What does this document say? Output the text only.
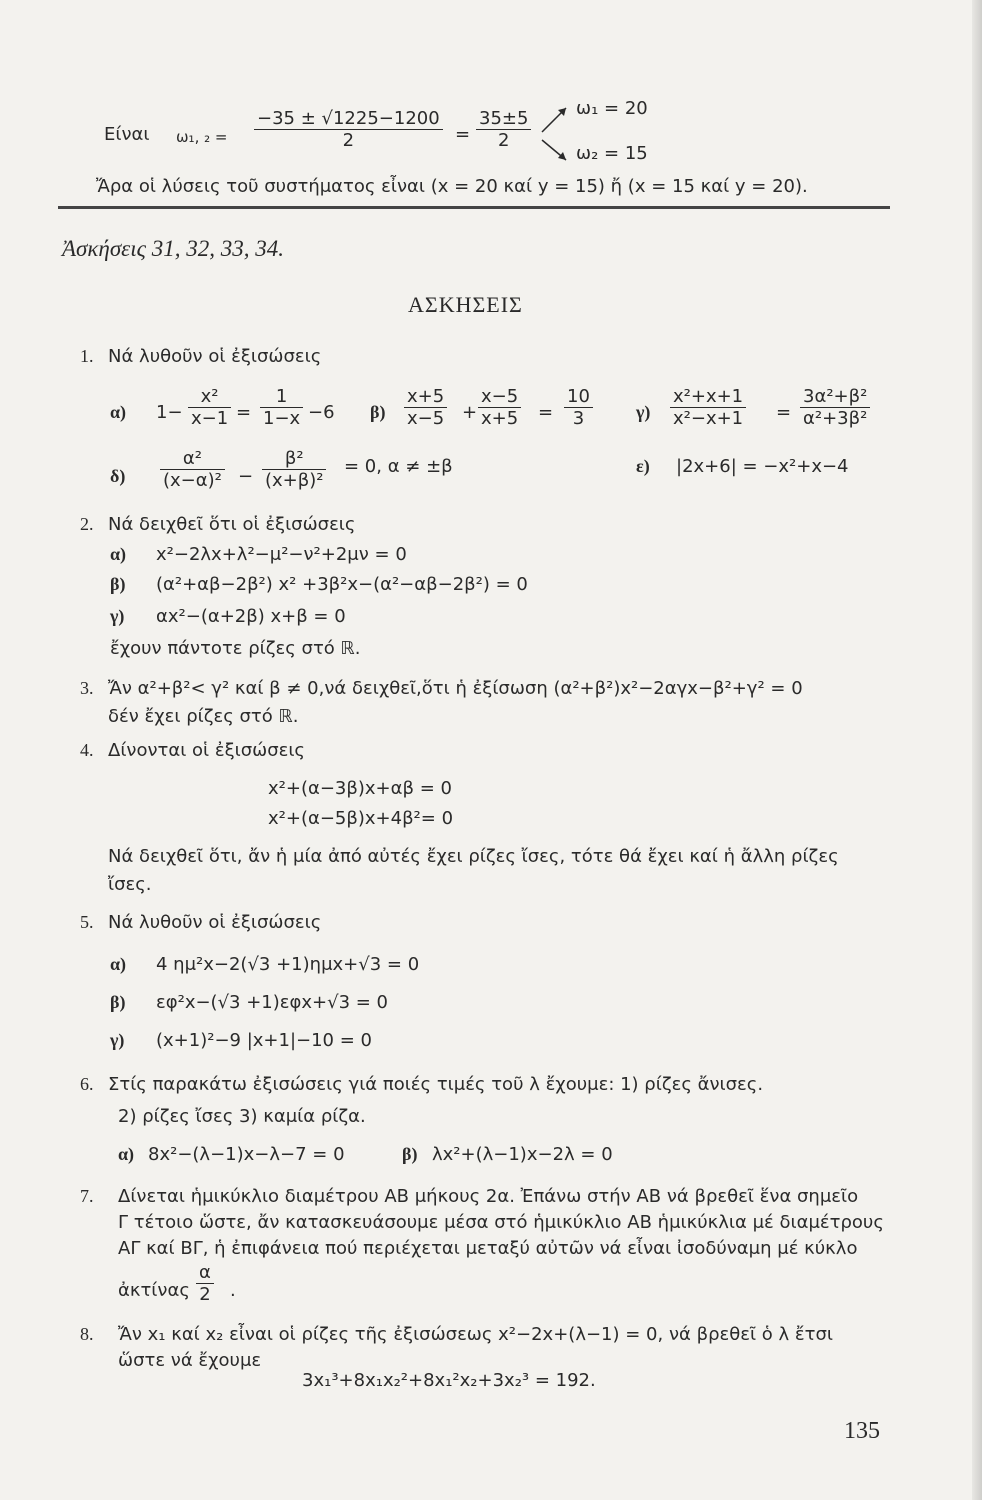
Είναι ω₁, $_2 = \frac{-35 \pm √1225-1200}{2} = \frac{35\pm 5}{2} \omega_1 = 20$
ω₂ = 15
Ἄρα οἱ λύσεις τοῦ συστήματος εἶναι (x = 20 καί y = 15) ἤ (x = 15 καί y = 20).
Ἀσκήσεις 31, 32, 33, 34.
ΑΣΚΗΣΕΙΣ
1. Νά λυθοῦν οἱ ἐξισώσεις
α) $1- \frac{\text{x²}}{x-1} = \frac{1}{1-x} -6$ $\beta) \frac{x+5}{x-5} + \frac{x-5}{x+5} = \frac{10}{3} \gamma) \frac{\text{x²+x+1}}{\text{x²−x+1}} = \frac{\text{3α²+β²}}{\text{α²+3β²}}$
$\delta) \frac{\text{α²}}{\text{(x−α)²}} - \frac{\text{β²}}{\text{(x+β)²}} = 0$, α ≠ ±β	ε) |2x+6| = −x²+x−4
2. Νά δειχθεῖ ὅτι οἱ ἐξισώσεις
α) x²−2λx+λ²−μ²−ν²+2μν = 0
β) (α²+αβ−2β²) x² +3β²x−(α²−αβ−2β²) = 0
γ) αx²−(α+2β) x+β = 0
ἔχουν πάντοτε ρίζες στό ℝ.
3. Ἄν α²+β²< γ² καί β ≠ 0,νά δειχθεῖ,ὅτι ἡ ἐξίσωση (α²+β²)x²−2αγx−β²+γ² = 0
δέν ἔχει ρίζες στό ℝ.
4. Δίνονται οἱ ἐξισώσεις
x²+(α−3β)x+αβ = 0
x²+(α−5β)x+4β²= 0
Νά δειχθεῖ ὅτι, ἄν ἡ μία ἀπό αὐτές ἔχει ρίζες ἴσες, τότε θά ἔχει καί ἡ ἄλλη ρίζες
ἴσες.
5. Νά λυθοῦν οἱ ἐξισώσεις
α) 4 ημ²x−2(√3 +1)ημx+√3 = 0
β) εφ²x−(√3 +1)εφx+√3 = 0
γ) (x+1)²−9 |x+1|−10 = 0
6. Στίς παρακάτω ἐξισώσεις γιά ποιές τιμές τοῦ λ ἔχουμε: 1) ρίζες ἄνισες.
2) ρίζες ἴσες 3) καμία ρίζα.
α) 8x²−(λ−1)x−λ−7 = 0	β) λx²+(λ−1)x−2λ = 0
7. Δίνεται ἡμικύκλιο διαμέτρου ΑΒ μήκους 2α. Ἐπάνω στήν ΑΒ νά βρεθεῖ ἕνα σημεῖο
Γ τέτοιο ὥστε, ἄν κατασκευάσουμε μέσα στό ἡμικύκλιο ΑΒ ἡμικύκλια μέ διαμέτρους
ΑΓ καί ΒΓ, ἡ ἐπιφάνεια πού περιέχεται μεταξύ αὐτῶν νά εἶναι ἰσοδύναμη μέ κύκλο
ἀκτίνας $\frac{\alpha}{2}$ .
8. Ἄν x₁ καί x₂ εἶναι οἱ ρίζες τῆς ἐξισώσεως x²−2x+(λ−1) = 0, νά βρεθεῖ ὁ λ ἔτσι
ὥστε νά ἔχουμε
3x₁³+8x₁x₂²+8x₁²x₂+3x₂³ = 192.
135
